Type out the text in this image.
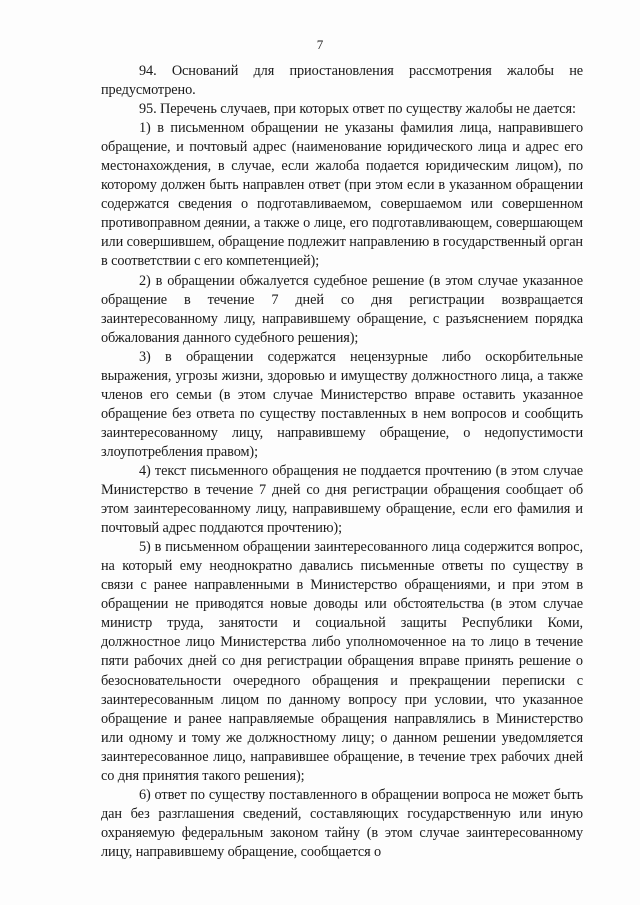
7

94. Оснований для приостановления рассмотрения жалобы не предусмотрено.

95. Перечень случаев, при которых ответ по существу жалобы не дается:

1) в письменном обращении не указаны фамилия лица, направившего обращение, и почтовый адрес (наименование юридического лица и адрес его местонахождения, в случае, если жалоба подается юридическим лицом), по которому должен быть направлен ответ (при этом если в указанном обращении содержатся сведения о подготавливаемом, совершаемом или совершенном противоправном деянии, а также о лице, его подготавливающем, совершающем или совершившем, обращение подлежит направлению в государственный орган в соответствии с его компетенцией);

2) в обращении обжалуется судебное решение (в этом случае указанное обращение в течение 7 дней со дня регистрации возвращается заинтересованному лицу, направившему обращение, с разъяснением порядка обжалования данного судебного решения);

3) в обращении содержатся нецензурные либо оскорбительные выражения, угрозы жизни, здоровью и имуществу должностного лица, а также членов его семьи (в этом случае Министерство вправе оставить указанное обращение без ответа по существу поставленных в нем вопросов и сообщить заинтересованному лицу, направившему обращение, о недопустимости злоупотребления правом);

4) текст письменного обращения не поддается прочтению (в этом случае Министерство в течение 7 дней со дня регистрации обращения сообщает об этом заинтересованному лицу, направившему обращение, если его фамилия и почтовый адрес поддаются прочтению);

5) в письменном обращении заинтересованного лица содержится вопрос, на который ему неоднократно давались письменные ответы по существу в связи с ранее направленными в Министерство обращениями, и при этом в обращении не приводятся новые доводы или обстоятельства (в этом случае министр труда, занятости и социальной защиты Республики Коми, должностное лицо Министерства либо уполномоченное на то лицо в течение пяти рабочих дней со дня регистрации обращения вправе принять решение о безосновательности очередного обращения и прекращении переписки с заинтересованным лицом по данному вопросу при условии, что указанное обращение и ранее направляемые обращения направлялись в Министерство или одному и тому же должностному лицу; о данном решении уведомляется заинтересованное лицо, направившее обращение, в течение трех рабочих дней со дня принятия такого решения);

6) ответ по существу поставленного в обращении вопроса не может быть дан без разглашения сведений, составляющих государственную или иную охраняемую федеральным законом тайну (в этом случае заинтересованному лицу, направившему обращение, сообщается о
